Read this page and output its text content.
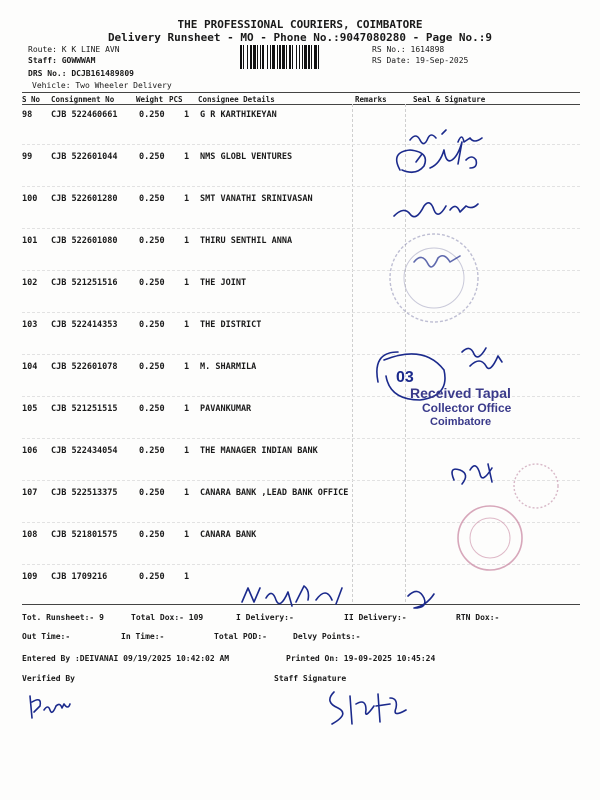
THE PROFESSIONAL COURIERS, COIMBATORE
Delivery Runsheet - MO - Phone No.:9047080280 - Page No.:9
Route: K K LINE AVN
Staff: GOWWWAM
DRS No.: DCJB161489809
Vehicle: Two Wheeler Delivery
RS No.: 1614898
RS Date: 19-Sep-2025
S No Consignment No	Weight PCS Consignee Details	Remarks	Seal & Signature
98 CJB 522460661	0.250 1 G R KARTHIKEYAN
99 CJB 522601044	0.250 1 NMS GLOBL VENTURES
100 CJB 522601280	0.250 1 SMT VANATHI SRINIVASAN
101 CJB 522601080	0.250 1 THIRU SENTHIL ANNA
102 CJB 521251516	0.250 1 THE JOINT
103 CJB 522414353	0.250 1 THE DISTRICT
104 CJB 522601078	0.250 1 M. SHARMILA
105 CJB 521251515	0.250 1 PAVANKUMAR
106 CJB 522434054	0.250 1 THE MANAGER INDIAN BANK
107 CJB 522513375	0.250 1 CANARA BANK ,LEAD BANK OFFICE
108 CJB 521801575	0.250 1 CANARA BANK
109 CJB 1709216	0.250 1
Tot. Runsheet:- 9	Total Dox:- 109	I Delivery:-	II Delivery:-	RTN Dox:-
Out Time:-	In Time:-	Total POD:-	Delvy Points:-
Entered By :DEIVANAI 09/19/2025 10:42:02 AM	Printed On: 19-09-2025 10:45:24
Verified By	Staff Signature
03
Received Tapal
Collector Office
Coimbatore
